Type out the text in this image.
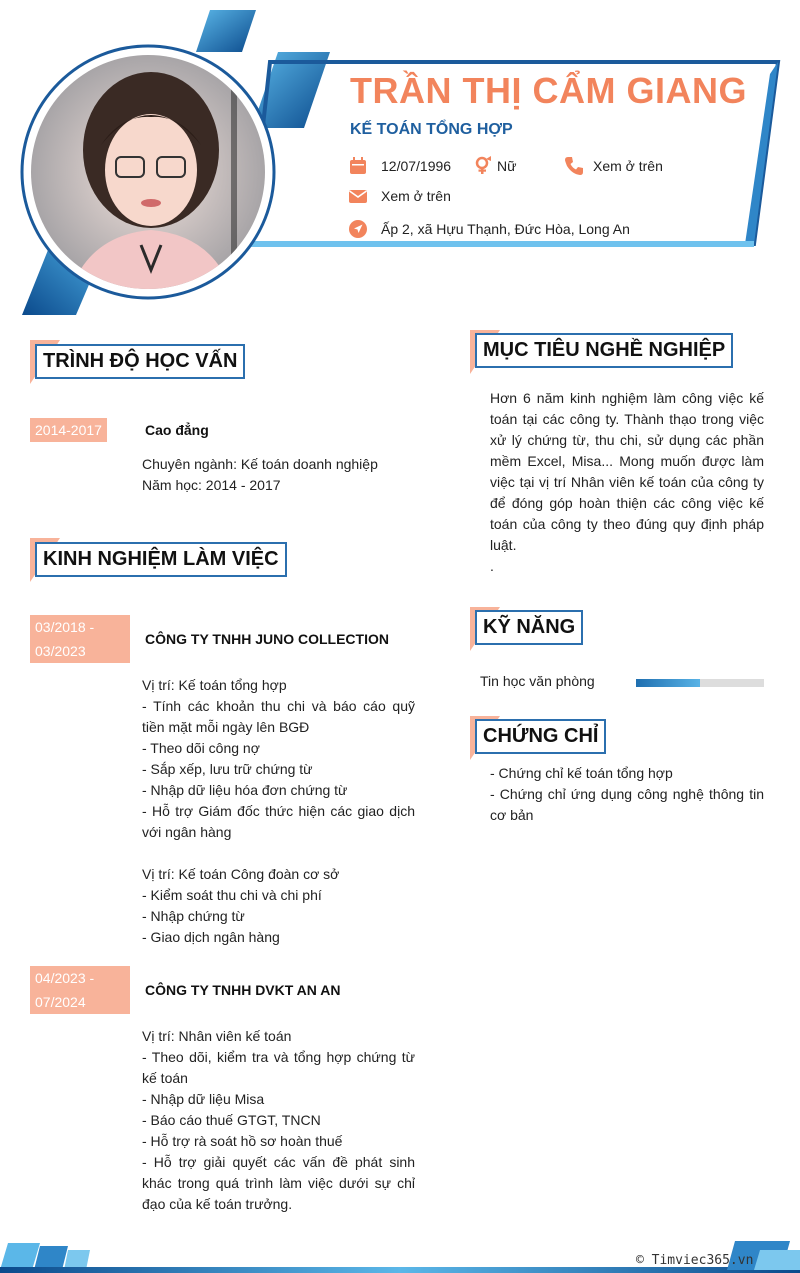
TRẦN THỊ CẨM GIANG
KẾ TOÁN TỔNG HỢP
12/07/1996	Nữ	Xem ở trên
Xem ở trên
Ấp 2, xã Hựu Thạnh, Đức Hòa, Long An
TRÌNH ĐỘ HỌC VẤN
2014-2017	Cao đẳng
Chuyên ngành: Kế toán doanh nghiệp
Năm học: 2014 - 2017
KINH NGHIỆM LÀM VIỆC
03/2018 -
03/2023
CÔNG TY TNHH JUNO COLLECTION
Vị trí: Kế toán tổng hợp
- Tính các khoản thu chi và báo cáo quỹ tiền mặt mỗi ngày lên BGĐ
- Theo dõi công nợ
- Sắp xếp, lưu trữ chứng từ
- Nhập dữ liệu hóa đơn chứng từ
- Hỗ trợ Giám đốc thức hiện các giao dịch với ngân hàng
Vị trí: Kế toán Công đoàn cơ sở
- Kiểm soát thu chi và chi phí
- Nhập chứng từ
- Giao dịch ngân hàng
04/2023 -
07/2024
CÔNG TY TNHH DVKT AN AN
Vị trí: Nhân viên kế toán
- Theo dõi, kiểm tra và tổng hợp chứng từ kế toán
- Nhập dữ liệu Misa
- Báo cáo thuế GTGT, TNCN
- Hỗ trợ rà soát hồ sơ hoàn thuế
- Hỗ trợ giải quyết các vấn đề phát sinh khác trong quá trình làm việc dưới sự chỉ đạo của kế toán trưởng.
MỤC TIÊU NGHỀ NGHIỆP
Hơn 6 năm kinh nghiệm làm công việc kế toán tại các công ty. Thành thạo trong việc xử lý chứng từ, thu chi, sử dụng các phần mềm Excel, Misa... Mong muốn được làm việc tại vị trí Nhân viên kế toán của công ty để đóng góp hoàn thiện các công việc kế toán của công ty theo đúng quy định pháp luật.
.
KỸ NĂNG
Tin học văn phòng
CHỨNG CHỈ
- Chứng chỉ kế toán tổng hợp
- Chứng chỉ ứng dụng công nghệ thông tin cơ bản
© Timviec365.vn
